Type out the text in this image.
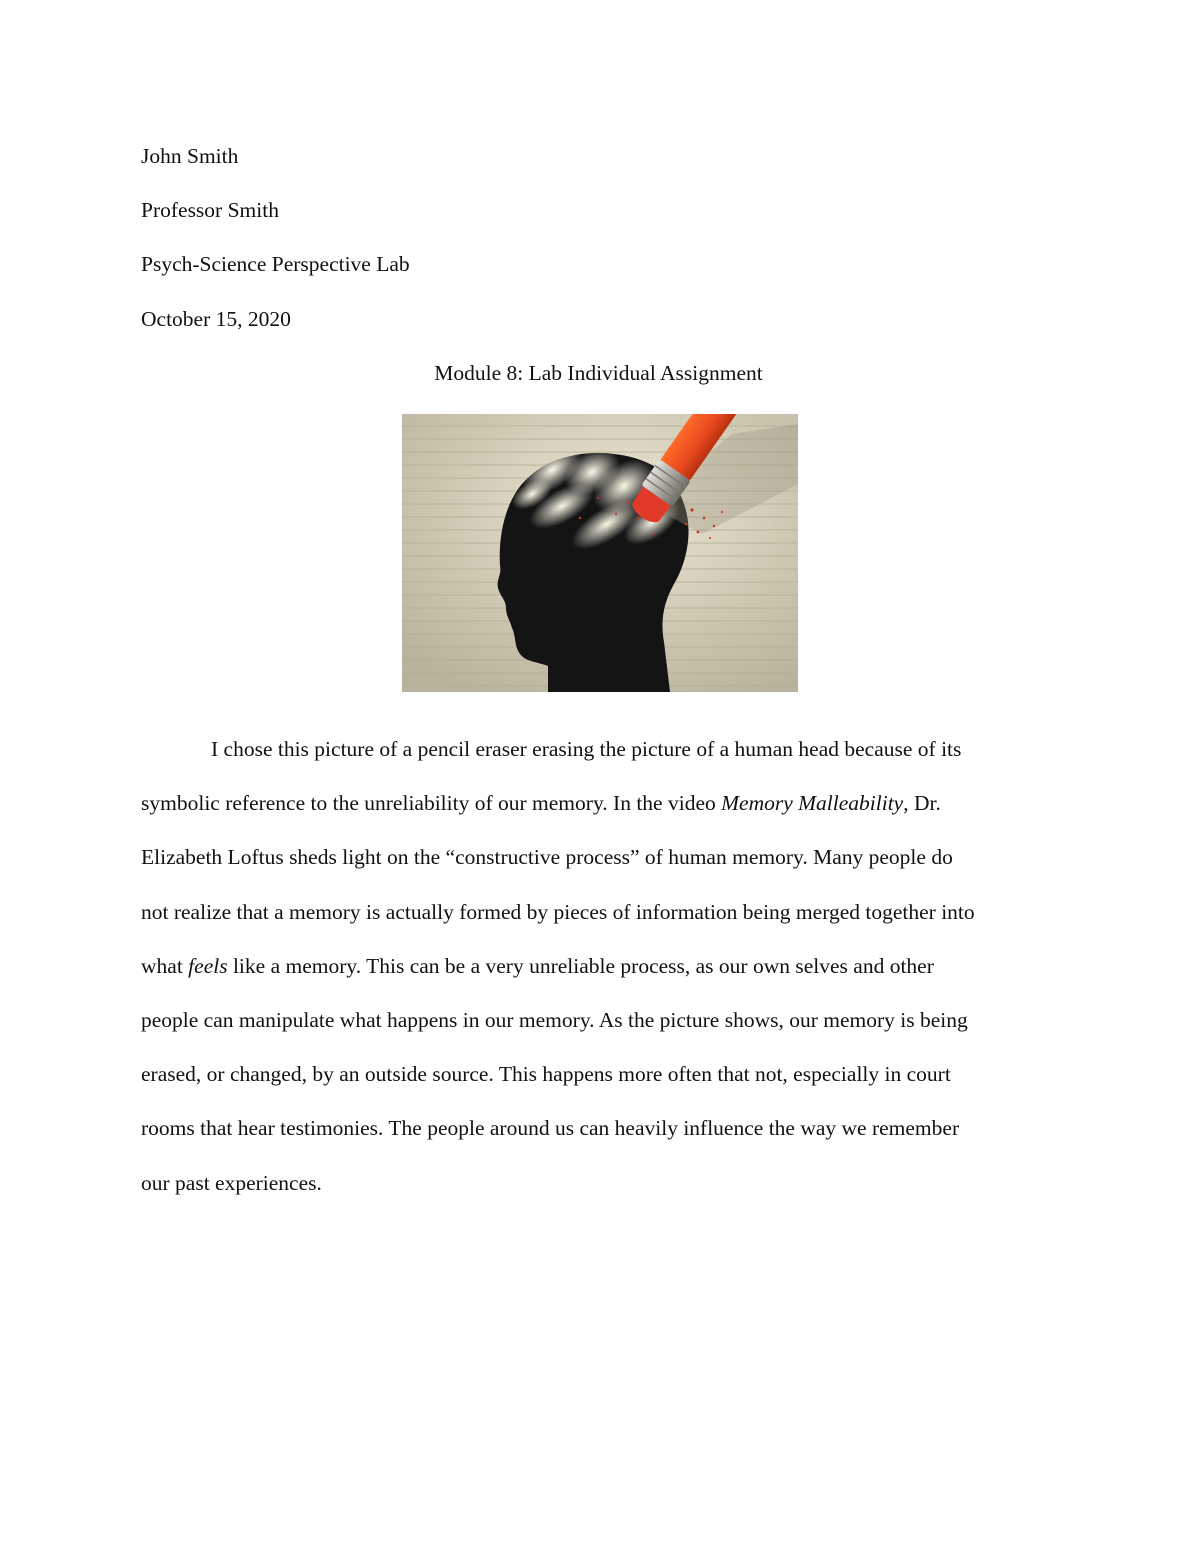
John Smith
Professor Smith
Psych-Science Perspective Lab
October 15, 2020
Module 8: Lab Individual Assignment
I chose this picture of a pencil eraser erasing the picture of a human head because of its
symbolic reference to the unreliability of our memory. In the video Memory Malleability, Dr.
Elizabeth Loftus sheds light on the “constructive process” of human memory. Many people do
not realize that a memory is actually formed by pieces of information being merged together into
what feels like a memory. This can be a very unreliable process, as our own selves and other
people can manipulate what happens in our memory. As the picture shows, our memory is being
erased, or changed, by an outside source. This happens more often that not, especially in court
rooms that hear testimonies. The people around us can heavily influence the way we remember
our past experiences.
